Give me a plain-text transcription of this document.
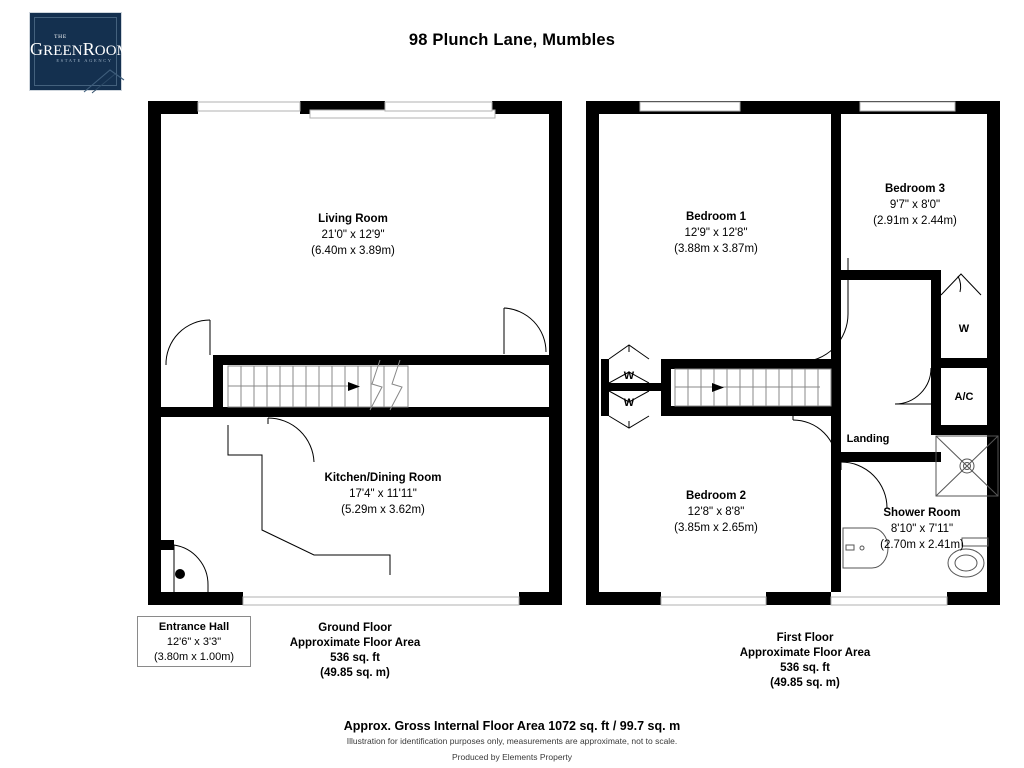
THE
GREENROOM
ESTATE AGENCY
98 Plunch Lane, Mumbles
Living Room
21'0" x 12'9"
(6.40m x 3.89m)
Kitchen/Dining Room
17'4" x 11'11"
(5.29m x 3.62m)
Bedroom 1
12'9" x 12'8"
(3.88m x 3.87m)
Bedroom 3
9'7" x 8'0"
(2.91m x 2.44m)
Bedroom 2
12'8" x 8'8"
(3.85m x 2.65m)
Shower Room
8'10" x 7'11"
(2.70m x 2.41m)
Landing
W
W
W
A/C
Entrance Hall
12'6" x 3'3"
(3.80m x 1.00m)
Ground Floor
Approximate Floor Area
536 sq. ft
(49.85 sq. m)
First Floor
Approximate Floor Area
536 sq. ft
(49.85 sq. m)
Approx. Gross Internal Floor Area 1072 sq. ft / 99.7 sq. m
Illustration for identification purposes only, measurements are approximate, not to scale.
Produced by Elements Property
